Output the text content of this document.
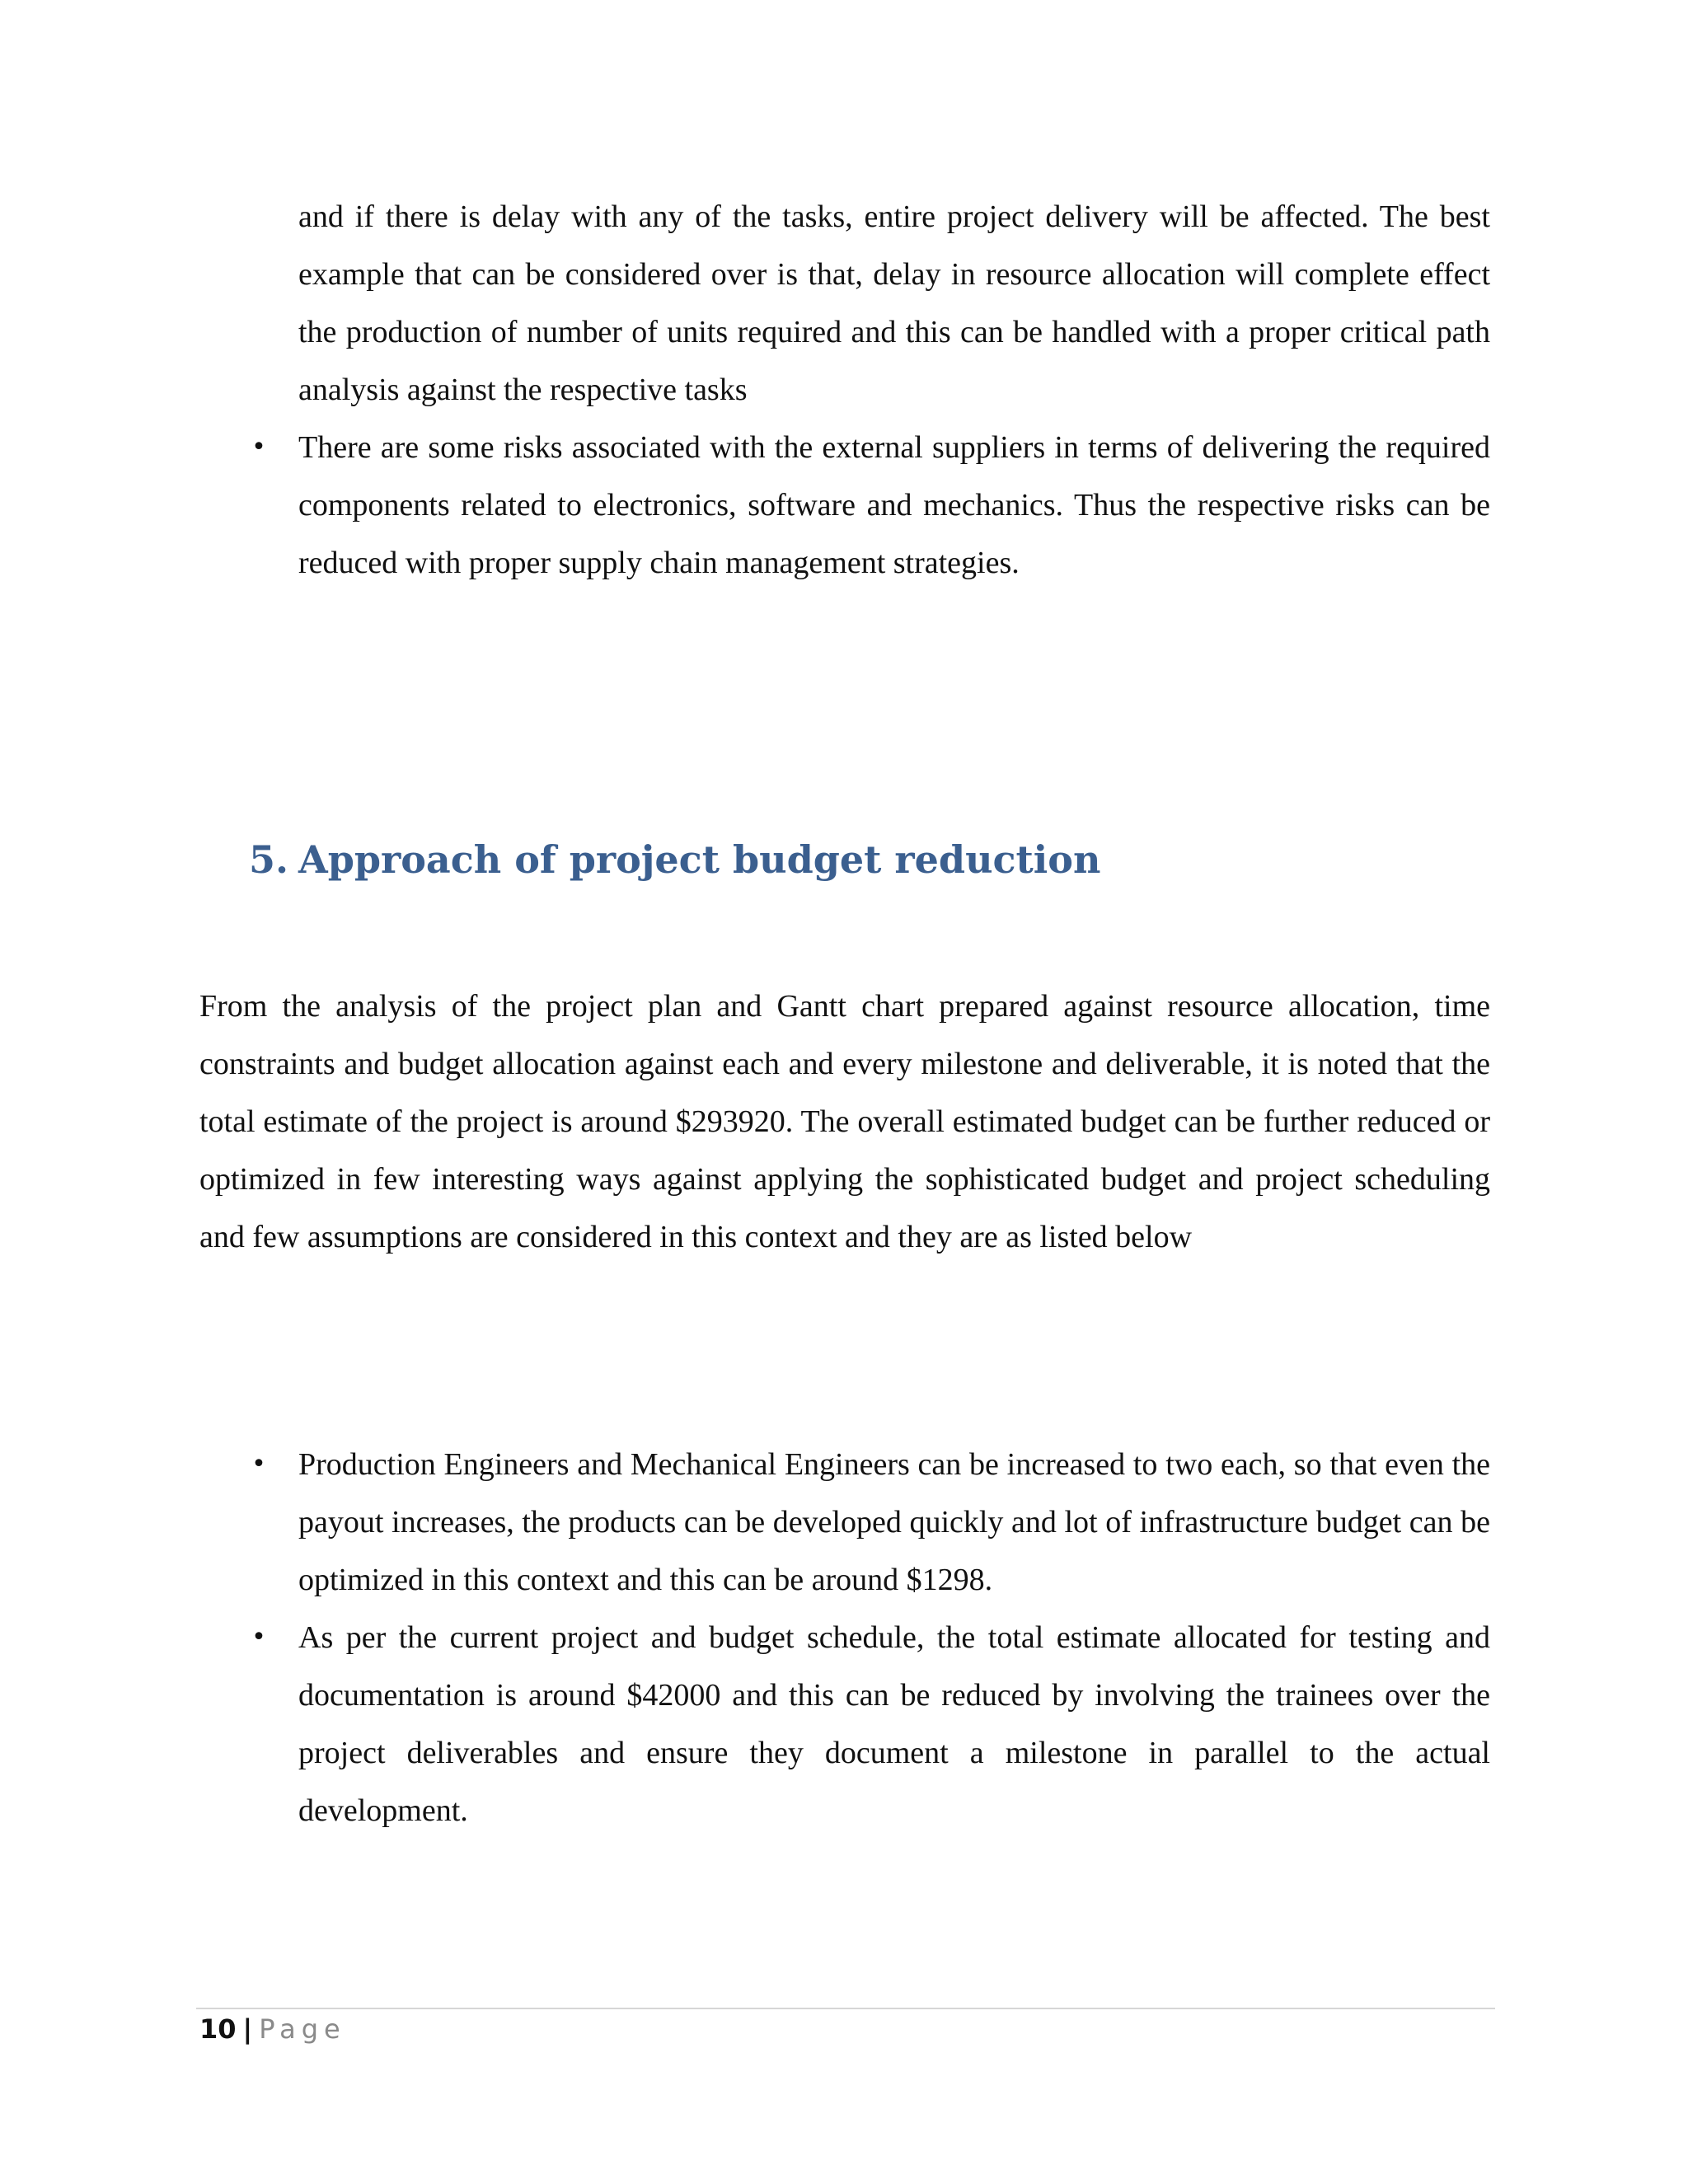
and if there is delay with any of the tasks, entire project delivery will be affected. The best example that can be considered over is that, delay in resource allocation will complete effect the production of number of units required and this can be handled with a proper critical path analysis against the respective tasks

• There are some risks associated with the external suppliers in terms of delivering the required components related to electronics, software and mechanics. Thus the respective risks can be reduced with proper supply chain management strategies.
5. Approach of project budget reduction

From the analysis of the project plan and Gantt chart prepared against resource allocation, time constraints and budget allocation against each and every milestone and deliverable, it is noted that the total estimate of the project is around $293920. The overall estimated budget can be further reduced or optimized in few interesting ways against applying the sophisticated budget and project scheduling and few assumptions are considered in this context and they are as listed below

• Production Engineers and Mechanical Engineers can be increased to two each, so that even the payout increases, the products can be developed quickly and lot of infrastructure budget can be optimized in this context and this can be around $1298.
• As per the current project and budget schedule, the total estimate allocated for testing and documentation is around $42000 and this can be reduced by involving the trainees over the project deliverables and ensure they document a milestone in parallel to the actual development.
10 | Page
